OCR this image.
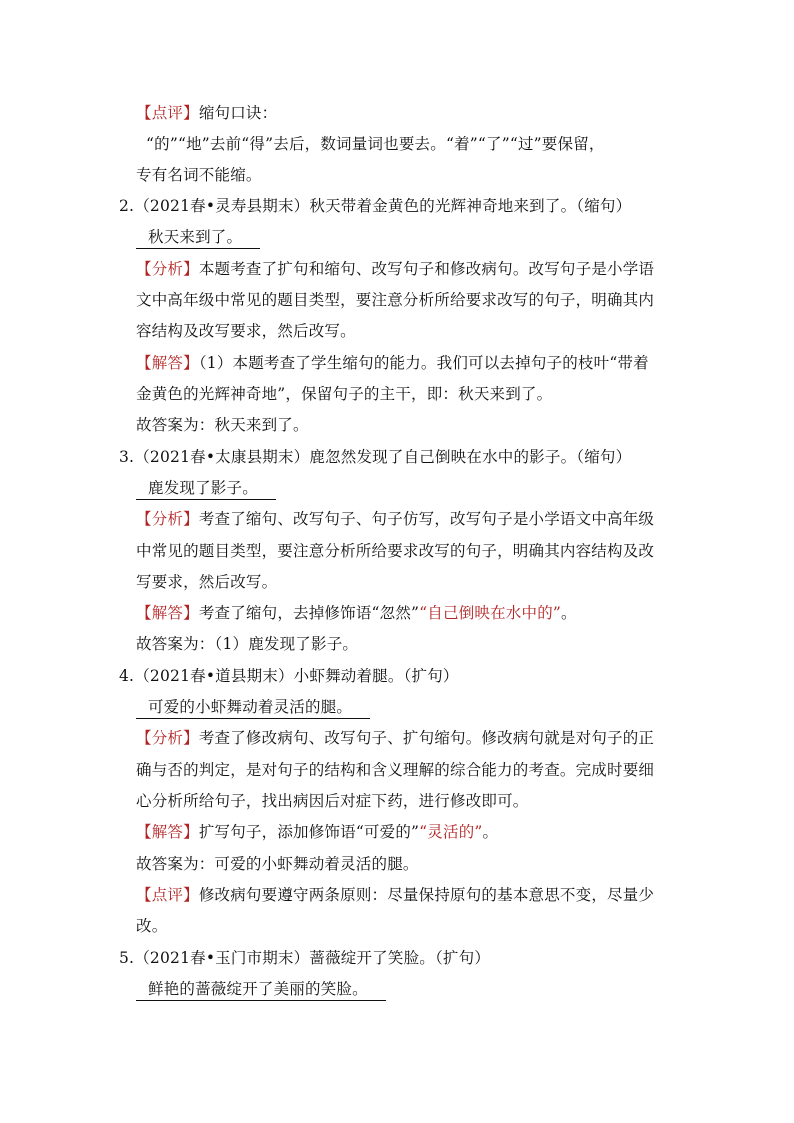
【点评】缩句口诀：
“的”“地”去前“得”去后，数词量词也要去。“着”“了”“过”要保留，
专有名词不能缩。
2.（2021春•灵寿县期末）秋天带着金黄色的光辉神奇地来到了。（缩句）
秋天来到了。
【分析】本题考查了扩句和缩句、改写句子和修改病句。改写句子是小学语
文中高年级中常见的题目类型，要注意分析所给要求改写的句子，明确其内
容结构及改写要求，然后改写。
【解答】（1）本题考查了学生缩句的能力。我们可以去掉句子的枝叶“带着
金黄色的光辉神奇地”，保留句子的主干，即：秋天来到了。
故答案为：秋天来到了。
3.（2021春•太康县期末）鹿忽然发现了自己倒映在水中的影子。（缩句）
鹿发现了影子。
【分析】考查了缩句、改写句子、句子仿写，改写句子是小学语文中高年级
中常见的题目类型，要注意分析所给要求改写的句子，明确其内容结构及改
写要求，然后改写。
【解答】考查了缩句，去掉修饰语“忽然”“自己倒映在水中的”。
故答案为：（1）鹿发现了影子。
4.（2021春•道县期末）小虾舞动着腿。（扩句）
可爱的小虾舞动着灵活的腿。
【分析】考查了修改病句、改写句子、扩句缩句。修改病句就是对句子的正
确与否的判定，是对句子的结构和含义理解的综合能力的考查。完成时要细
心分析所给句子，找出病因后对症下药，进行修改即可。
【解答】扩写句子，添加修饰语“可爱的”“灵活的”。
故答案为：可爱的小虾舞动着灵活的腿。
【点评】修改病句要遵守两条原则：尽量保持原句的基本意思不变，尽量少
改。
5.（2021春•玉门市期末）蔷薇绽开了笑脸。（扩句）
鲜艳的蔷薇绽开了美丽的笑脸。
